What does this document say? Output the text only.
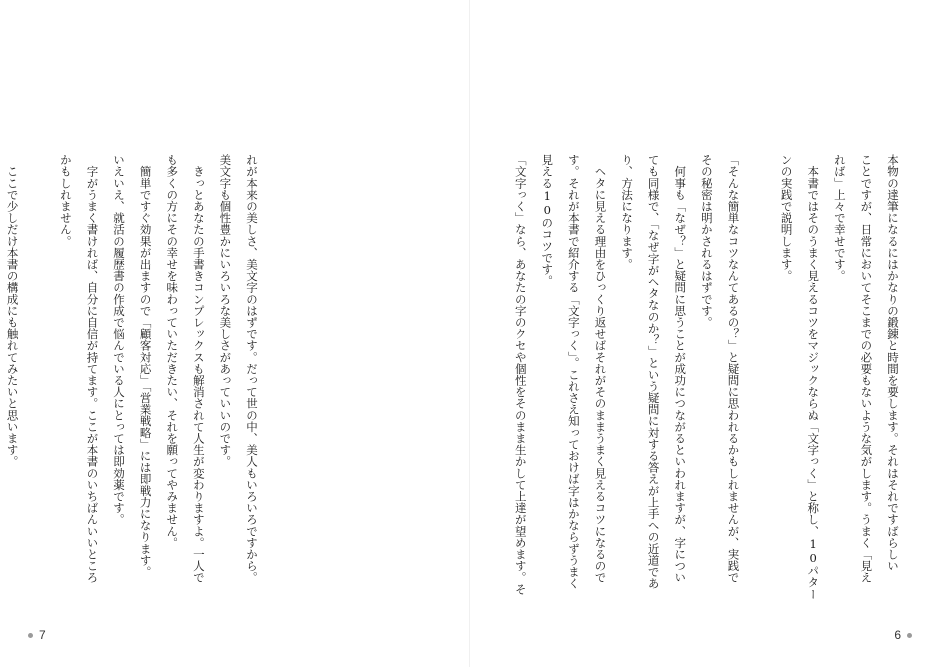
れが本来の美しさ、美文字のはずです。だって世の中、美人もいろいろですから。
美文字も個性豊かにいろいろな美しさがあっていいのです。
　きっとあなたの手書きコンプレックスも解消されて人生が変わりますよ。一人で
も多くの方にその幸せを味わっていただきたい、それを願ってやみません。
　簡単ですぐ効果が出ますので「顧客対応」「営業戦略」には即戦力になります。
いえいえ、就活の履歴書の作成で悩んでいる人にとっては即効薬です。
　字がうまく書ければ、自分に自信が持てます。ここが本書のいちばんいいところ
かもしれません。

　ここで少しだけ本書の構成にも触れてみたいと思います。
7
本物の達筆になるにはかなりの鍛錬と時間を要します。それはそれですばらしい
ことですが、日常においてそこまでの必要もないような気がします。うまく「見え
れば」上々で幸せです。
　本書ではそのうまく見えるコツをマジックならぬ「文字っく」と称し、10パター
ンの実践で説明します。

「そんな簡単なコツなんてあるの？」と疑問に思われるかもしれませんが、実践で
その秘密は明かされるはずです。
　何事も「なぜ？」と疑問に思うことが成功につながるといわれますが、字につい
ても同様で、「なぜ字がヘタなのか？」という疑問に対する答えが上手への近道であ
り、方法になります。
　ヘタに見える理由をひっくり返せばそれがそのままうまく見えるコツになるので
す。それが本書で紹介する「文字っく」。これさえ知っておけば字はかならずうまく
見える10のコツです。
「文字っく」なら、あなたの字のクセや個性をそのまま生かして上達が望めます。そ
6
